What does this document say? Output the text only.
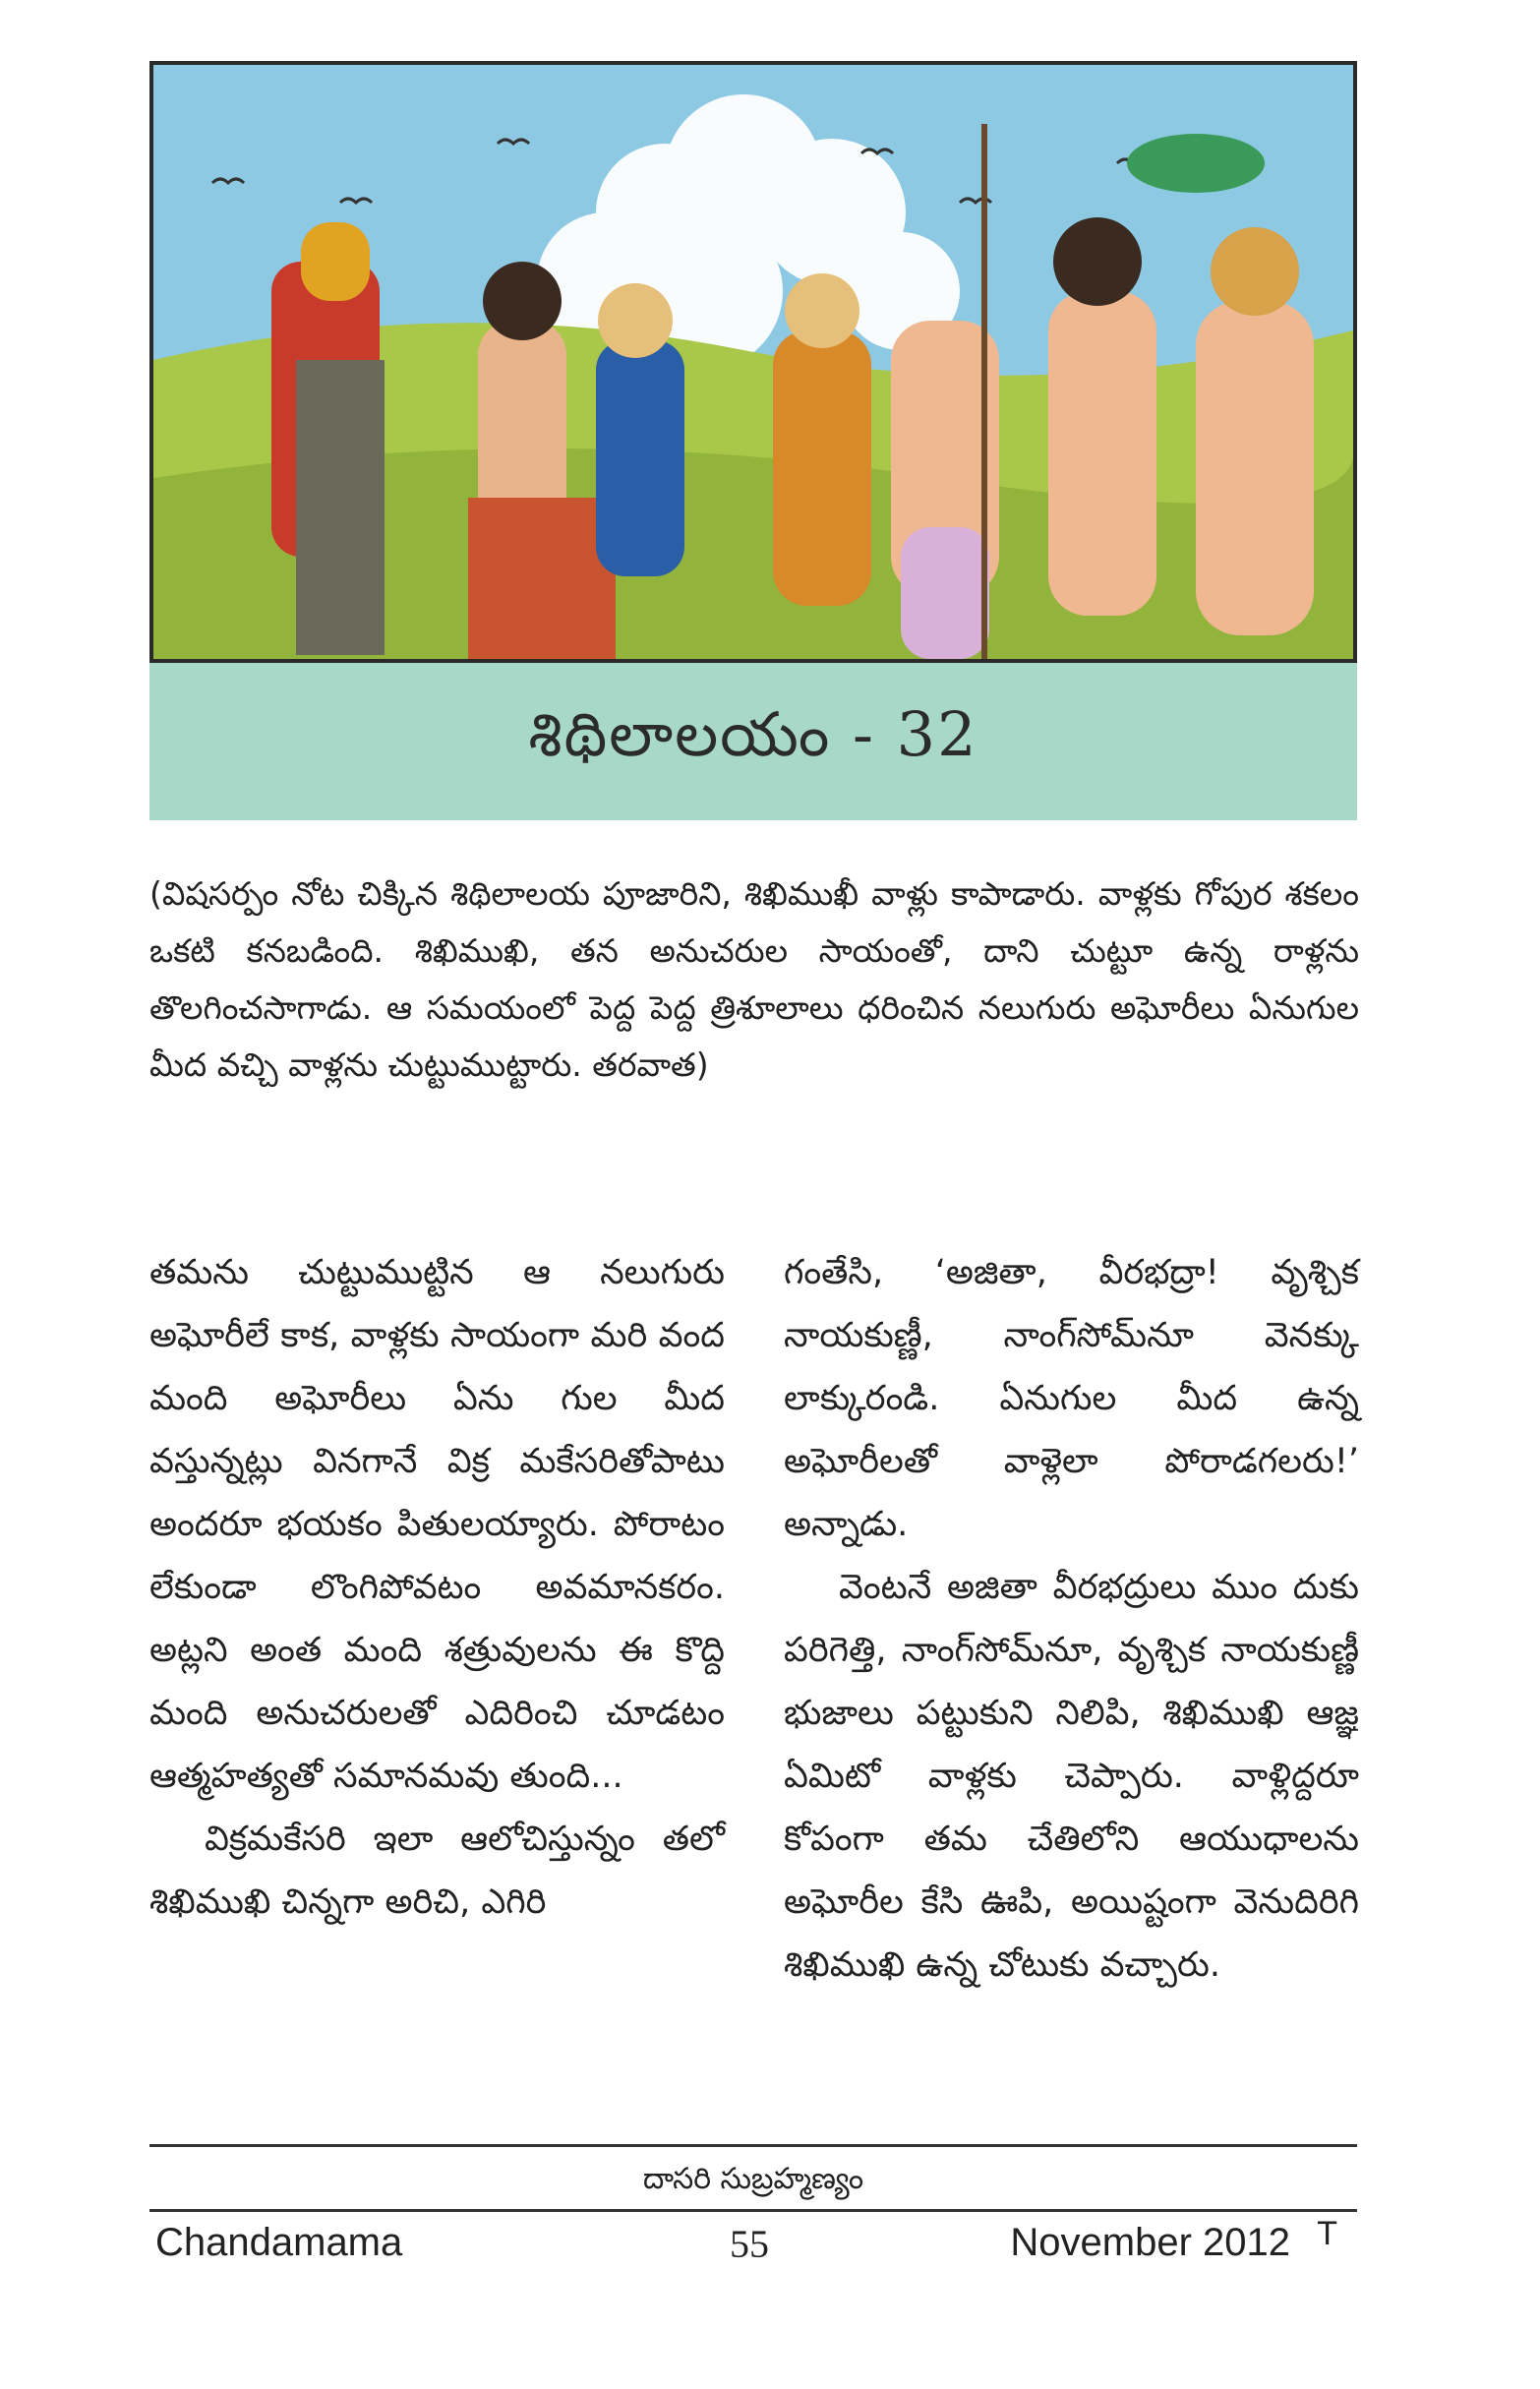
శిథిలాలయం - 32
(విషసర్పం నోట చిక్కిన శిథిలాలయ పూజారిని, శిఖిముఖీ వాళ్లు కాపాడారు. వాళ్లకు గోపుర శకలం ఒకటి కనబడింది. శిఖిముఖి, తన అనుచరుల సాయంతో, దాని చుట్టూ ఉన్న రాళ్లను తొలగించసాగాడు. ఆ సమయంలో పెద్ద పెద్ద త్రిశూలాలు ధరించిన నలుగురు అఘోరీలు ఏనుగుల మీద వచ్చి వాళ్లను చుట్టుముట్టారు. తరవాత)

తమను చుట్టుముట్టిన ఆ నలుగురు అఘోరీలే కాక, వాళ్లకు సాయంగా మరి వంద మంది అఘోరీలు ఏను గుల మీద వస్తున్నట్లు వినగానే విక్ర మకేసరితోపాటు అందరూ భయకం పితులయ్యారు. పోరాటం లేకుండా లొంగిపోవటం అవమానకరం. అట్లని అంత మంది శత్రువులను ఈ కొద్ది మంది అనుచరులతో ఎదిరించి చూడటం ఆత్మహత్యతో సమానమవు తుంది...

విక్రమకేసరి ఇలా ఆలోచిస్తున్నం తలో శిఖిముఖి చిన్నగా అరిచి, ఎగిరి

గంతేసి, ‘అజితా, వీరభద్రా! వృశ్చిక నాయకుణ్ణీ, నాంగ్‌సోమ్‌నూ వెనక్కు లాక్కురండి. ఏనుగుల మీద ఉన్న అఘోరీలతో వాళ్లెలా పోరాడగలరు!’ అన్నాడు.

వెంటనే అజితా వీరభద్రులు ముం దుకు పరిగెత్తి, నాంగ్‌సోమ్‌నూ, వృశ్చిక నాయకుణ్ణీ భుజాలు పట్టుకుని నిలిపి, శిఖిముఖి ఆజ్ఞ ఏమిటో వాళ్లకు చెప్పారు. వాళ్లిద్దరూ కోపంగా తమ చేతిలోని ఆయుధాలను అఘోరీల కేసి ఊపి, అయిష్టంగా వెనుదిరిగి శిఖిముఖి ఉన్న చోటుకు వచ్చారు.

దాసరి సుబ్రహ్మణ్యం
Chandamama	55	November 2012 T
